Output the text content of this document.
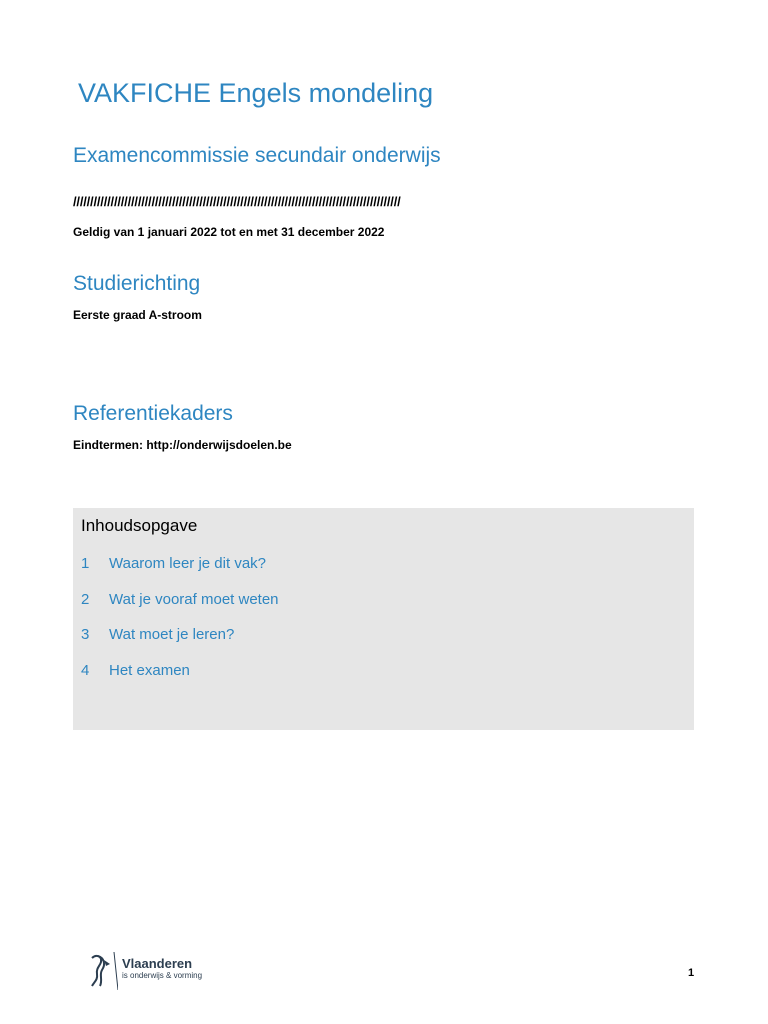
VAKFICHE Engels mondeling
Examencommissie secundair onderwijs
////////////////////////////////////////////////////////////////////////////////////////////////
Geldig van 1 januari 2022 tot en met 31 december 2022
Studierichting
Eerste graad A-stroom
Referentiekaders
Eindtermen: http://onderwijsdoelen.be
Inhoudsopgave
1 Waarom leer je dit vak?
2 Wat je vooraf moet weten
3 Wat moet je leren?
4 Het examen
Vlaanderen
is onderwijs & vorming	1
